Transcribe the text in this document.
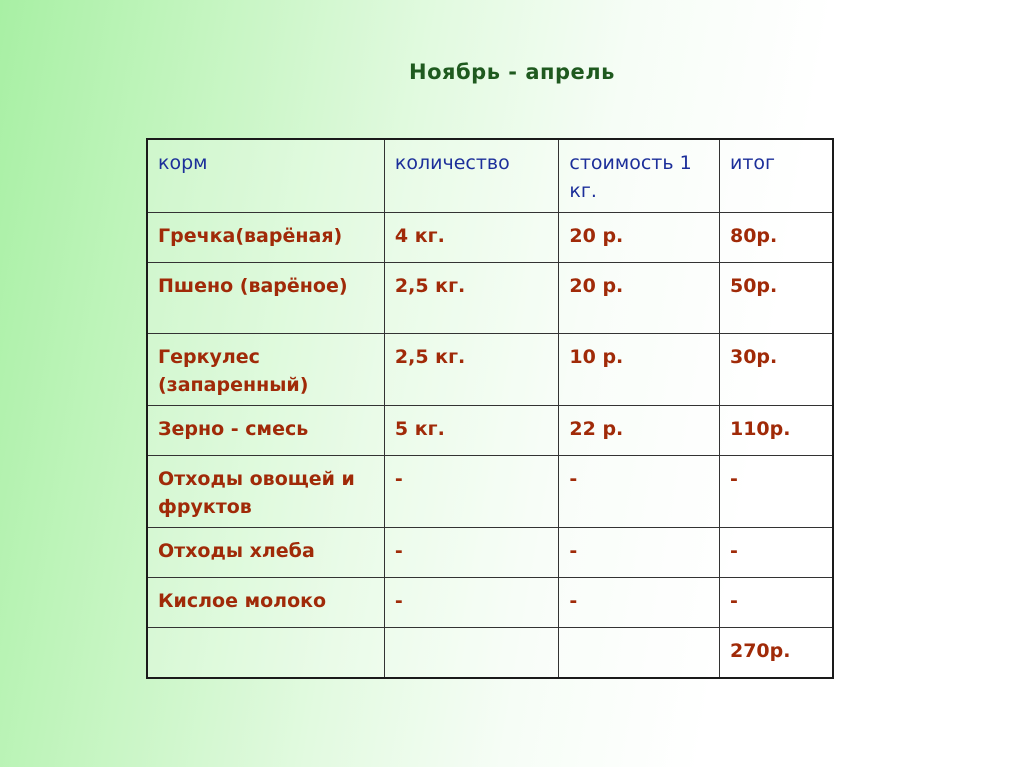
Ноябрь - апрель
корм	количество	стоимость 1 кг.	итог
Гречка(варёная)	4 кг.	20 р.	80р.
Пшено (варёное)	2,5 кг.	20 р.	50р.
Геркулес (запаренный)	2,5 кг.	10 р.	30р.
Зерно - смесь	5 кг.	22 р.	110р.
Отходы овощей и фруктов	-	-	-
Отходы хлеба	-	-	-
Кислое молоко	-	-	-
			270р.
